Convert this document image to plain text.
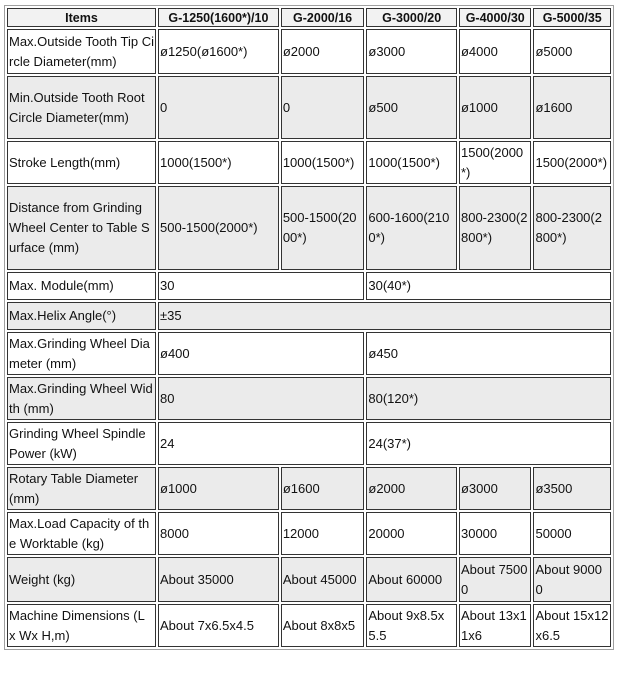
Items	G-1250(1600*)/10	G-2000/16	G-3000/20	G-4000/30	G-5000/35
Max.Outside Tooth Tip Circle Diameter(mm)	ø1250(ø1600*)	ø2000	ø3000	ø4000	ø5000
Min.Outside Tooth Root Circle Diameter(mm)	0	0	ø500	ø1000	ø1600
Stroke Length(mm)	1000(1500*)	1000(1500*)	1000(1500*)	1500(2000*)	1500(2000*)
Distance from Grinding Wheel Center to Table Surface (mm)	500-1500(2000*)	500-1500(2000*)	600-1600(2100*)	800-2300(2800*)	800-2300(2800*)
Max. Module(mm)	30		30(40*)		
Max.Helix Angle(°)	±35				
Max.Grinding Wheel Diameter (mm)	ø400		ø450		
Max.Grinding Wheel Width (mm)	80		80(120*)		
Grinding Wheel Spindle Power (kW)	24		24(37*)		
Rotary Table Diameter (mm)	ø1000	ø1600	ø2000	ø3000	ø3500
Max.Load Capacity of the Worktable (kg)	8000	12000	20000	30000	50000
Weight (kg)	About 35000	About 45000	About 60000	About 75000	About 90000
Machine Dimensions (L x Wx H,m)	About 7x6.5x4.5	About 8x8x5	About 9x8.5x5.5	About 13x11x6	About 15x12x6.5
